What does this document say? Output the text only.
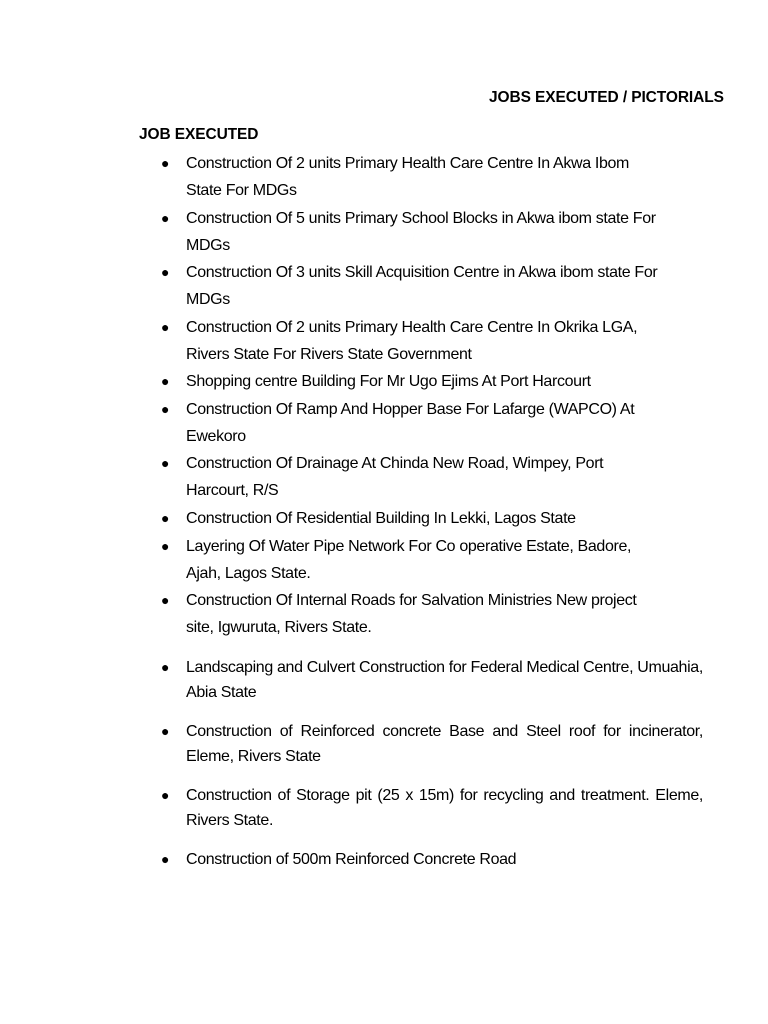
JOBS EXECUTED / PICTORIALS
JOB EXECUTED
● Construction Of 2 units Primary Health Care Centre In Akwa Ibom State For MDGs
● Construction Of 5 units Primary School Blocks in Akwa ibom state For MDGs
● Construction Of 3 units Skill Acquisition Centre in Akwa ibom state For MDGs
● Construction Of 2 units Primary Health Care Centre In Okrika LGA, Rivers State For Rivers State Government
● Shopping centre Building For Mr Ugo Ejims At Port Harcourt
● Construction Of Ramp And Hopper Base For Lafarge (WAPCO) At Ewekoro
● Construction Of Drainage At Chinda New Road, Wimpey, Port Harcourt, R/S
● Construction Of Residential Building In Lekki, Lagos State
● Layering Of Water Pipe Network For Co operative Estate, Badore, Ajah, Lagos State.
● Construction Of Internal Roads for Salvation Ministries New project site, Igwuruta, Rivers State.
● Landscaping and Culvert Construction for Federal Medical Centre, Umuahia, Abia State
● Construction of Reinforced concrete Base and Steel roof for incinerator, Eleme, Rivers State
● Construction of Storage pit (25 x 15m) for recycling and treatment. Eleme, Rivers State.
● Construction of 500m Reinforced Concrete Road
